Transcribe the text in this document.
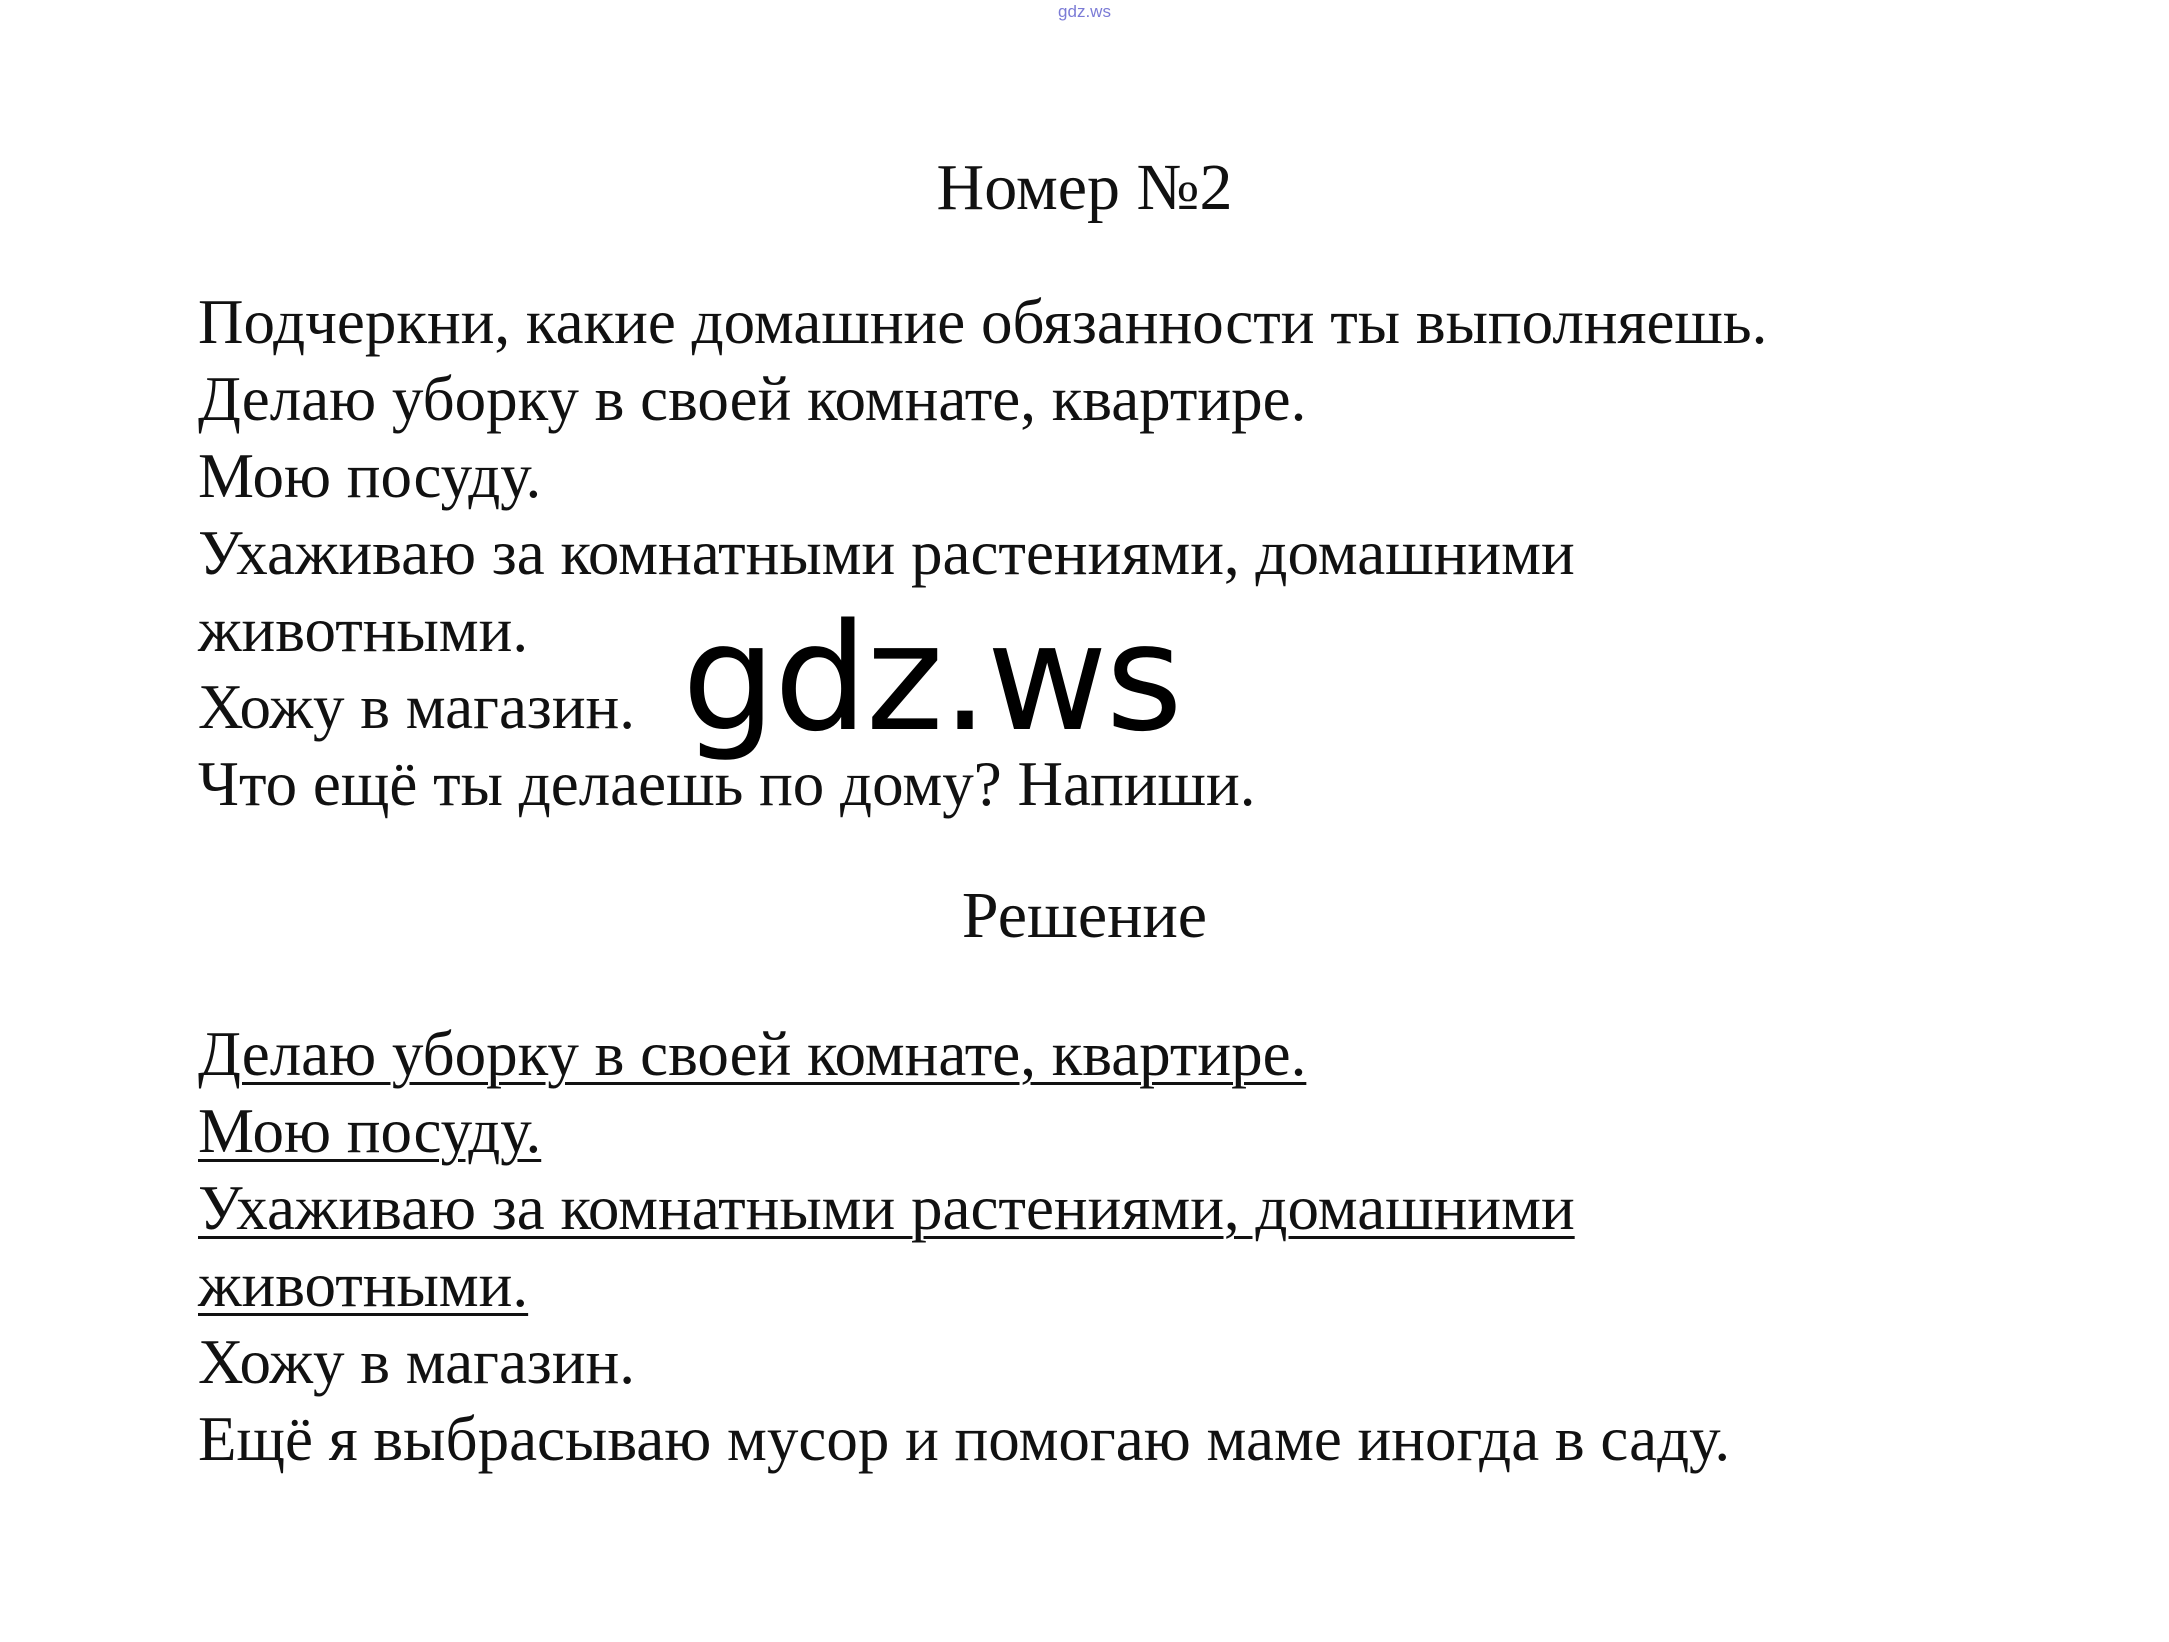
gdz.ws
Номер №2
Подчеркни, какие домашние обязанности ты выполняешь.
Делаю уборку в своей комнате, квартире.
Мою посуду.
Ухаживаю за комнатными растениями, домашними
животными.
Хожу в магазин.
Что ещё ты делаешь по дому? Напиши.
gdz.ws
Решение
Делаю уборку в своей комнате, квартире.
Мою посуду.
Ухаживаю за комнатными растениями, домашними
животными.
Хожу в магазин.
Ещё я выбрасываю мусор и помогаю маме иногда в саду.
